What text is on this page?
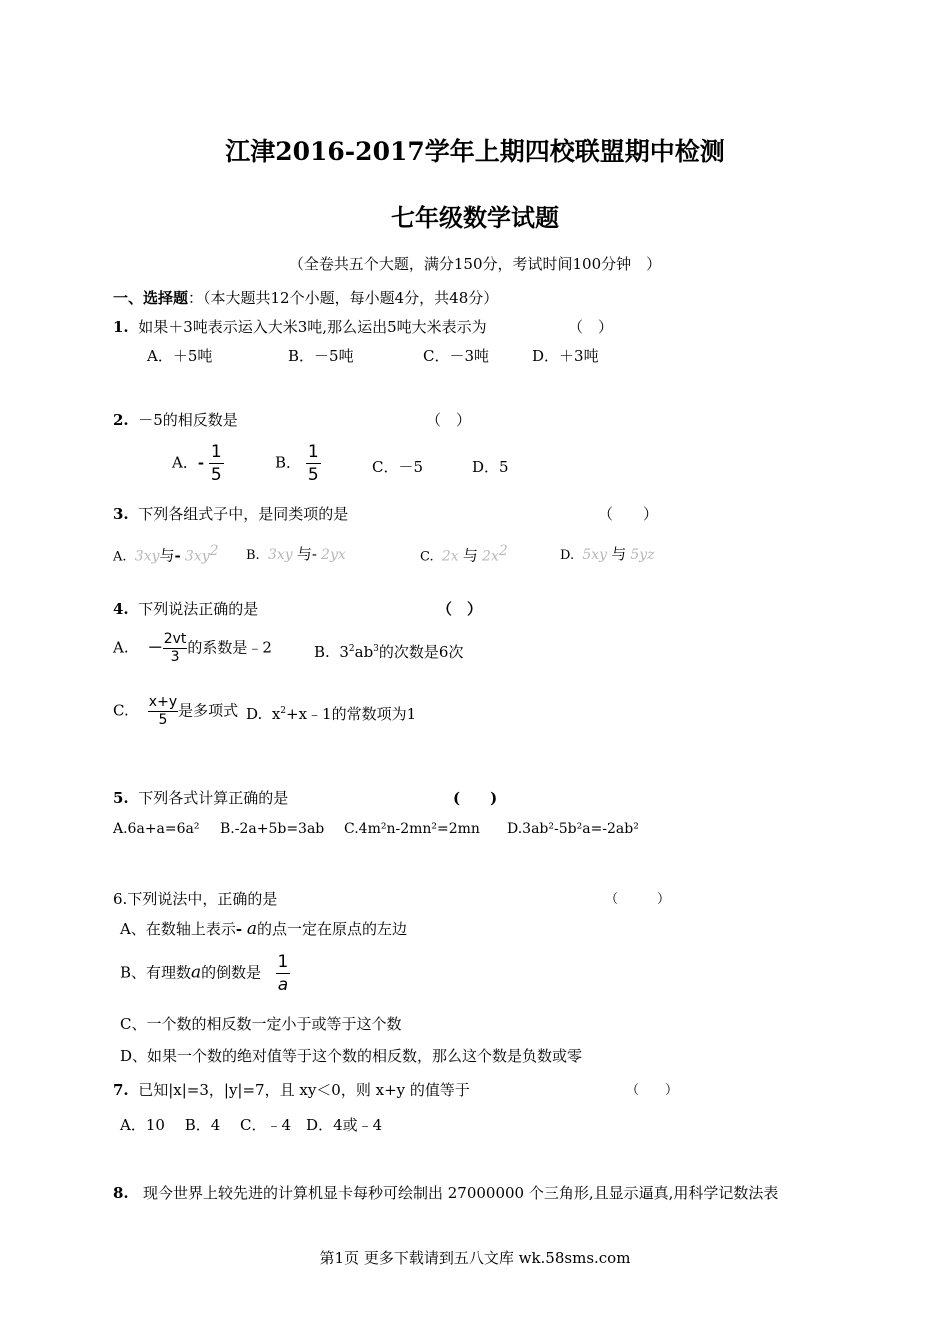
江津2016-2017学年上期四校联盟期中检测
七年级数学试题
（全卷共五个大题，满分150分，考试时间100分钟　）
一、选择题：（本大题共12个小题，每小题4分，共48分）
1. 如果＋3吨表示运入大米3吨,那么运出5吨大米表示为	（　）
A．＋5吨	B．－5吨	C．－3吨	D．＋3吨
2. －5的相反数是	（　）
A．- $\frac{1}{5}$	B． $\frac{1}{5}$	C．－5	D．5
3. 下列各组式子中，是同类项的是	（　　）
A. 3xy与- $3xy^2$ B. 3xy 与- 2yx	C. 2x 与 $2x^2$	D. 5xy 与 5yz
4. 下列说法正确的是	（　）
A. － $\frac{2vt}{3}$ 的系数是﹣2	B. $3^2ab^3$的次数是6次
C. $\frac{x+y}{5}$ 是多项式 D. $x^2+x﹣1$的常数项为1
5. 下列各式计算正确的是	(　　)
A.6a+a=6a² B.-2a+5b=3ab C.4m²n-2mn²=2mn D.3ab²-5b²a=-2ab²
6.下列说法中，正确的是	（　　　）
A、在数轴上表示- a的点一定在原点的左边
B、有理数a的倒数是 $\frac{1}{a}$
C、一个数的相反数一定小于或等于这个数
D、如果一个数的绝对值等于这个数的相反数，那么这个数是负数或零
7. 已知|x|=3，|y|=7，且 xy＜0，则 x+y 的值等于	（　　）
A．10　 B．4　 C．﹣4　D．4或﹣4
8. 现今世界上较先进的计算机显卡每秒可绘制出 27000000 个三角形,且显示逼真,用科学记数法表
第1页 更多下载请到五八文库 wk.58sms.com
